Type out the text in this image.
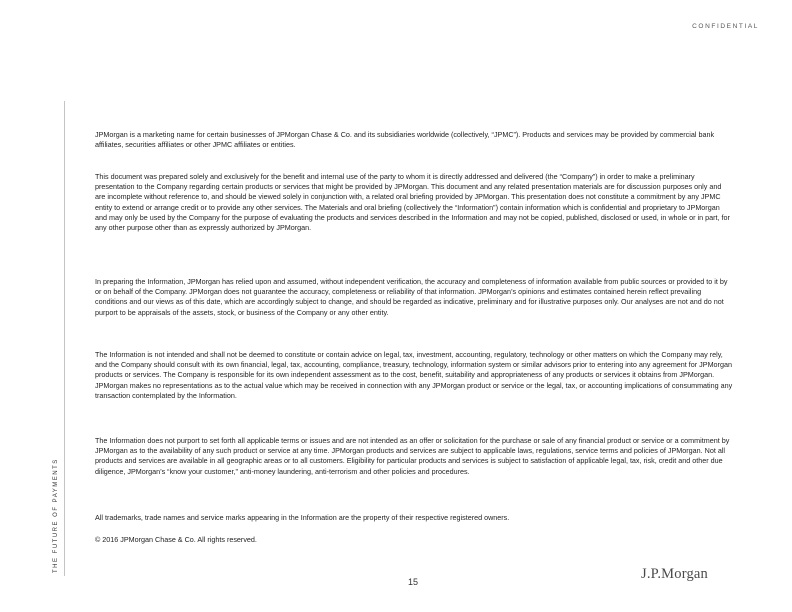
CONFIDENTIAL
THE FUTURE OF PAYMENTS

JPMorgan is a marketing name for certain businesses of JPMorgan Chase & Co. and its subsidiaries worldwide (collectively, “JPMC”). Products and services may be provided by commercial bank affiliates, securities affiliates or other JPMC affiliates or entities.

This document was prepared solely and exclusively for the benefit and internal use of the party to whom it is directly addressed and delivered (the “Company”) in order to make a preliminary presentation to the Company regarding certain products or services that might be provided by JPMorgan. This document and any related presentation materials are for discussion purposes only and are incomplete without reference to, and should be viewed solely in conjunction with, a related oral briefing provided by JPMorgan. This presentation does not constitute a commitment by any JPMC entity to extend or arrange credit or to provide any other services. The Materials and oral briefing (collectively the “Information”) contain information which is confidential and proprietary to JPMorgan and may only be used by the Company for the purpose of evaluating the products and services described in the Information and may not be copied, published, disclosed or used, in whole or in part, for any other purpose other than as expressly authorized by JPMorgan.

In preparing the Information, JPMorgan has relied upon and assumed, without independent verification, the accuracy and completeness of information available from public sources or provided to it by or on behalf of the Company. JPMorgan does not guarantee the accuracy, completeness or reliability of that information. JPMorgan’s opinions and estimates contained herein reflect prevailing conditions and our views as of this date, which are accordingly subject to change, and should be regarded as indicative, preliminary and for illustrative purposes only. Our analyses are not and do not purport to be appraisals of the assets, stock, or business of the Company or any other entity.

The Information is not intended and shall not be deemed to constitute or contain advice on legal, tax, investment, accounting, regulatory, technology or other matters on which the Company may rely, and the Company should consult with its own financial, legal, tax, accounting, compliance, treasury, technology, information system or similar advisors prior to entering into any agreement for JPMorgan products or services. The Company is responsible for its own independent assessment as to the cost, benefit, suitability and appropriateness of any products or services it obtains from JPMorgan. JPMorgan makes no representations as to the actual value which may be received in connection with any JPMorgan product or service or the legal, tax, or accounting implications of consummating any transaction contemplated by the Information.

The Information does not purport to set forth all applicable terms or issues and are not intended as an offer or solicitation for the purchase or sale of any financial product or service or a commitment by JPMorgan as to the availability of any such product or service at any time. JPMorgan products and services are subject to applicable laws, regulations, service terms and policies of JPMorgan. Not all products and services are available in all geographic areas or to all customers. Eligibility for particular products and services is subject to satisfaction of applicable legal, tax, risk, credit and other due diligence, JPMorgan’s “know your customer,” anti-money laundering, anti-terrorism and other policies and procedures.

All trademarks, trade names and service marks appearing in the Information are the property of their respective registered owners.

© 2016 JPMorgan Chase & Co. All rights reserved.

15	J.P.Morgan
